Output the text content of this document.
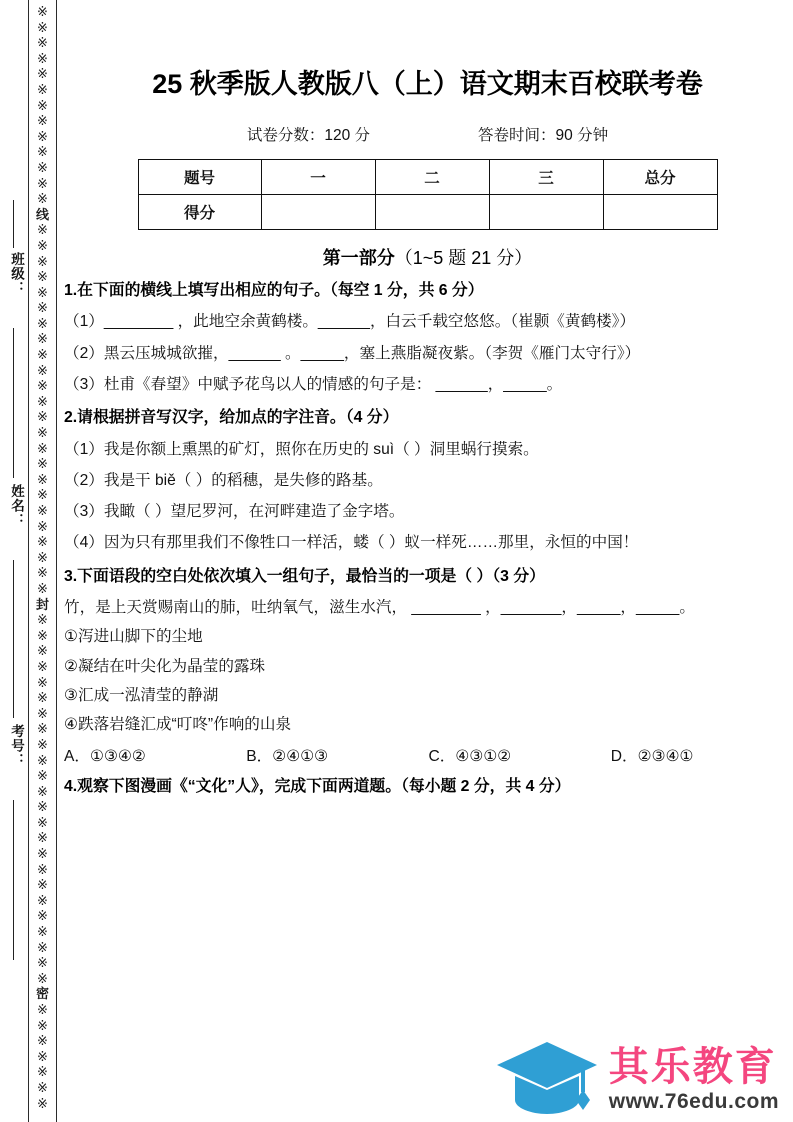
※
※
※
※
※
※
※
※
※
※
※
※
※
线
※
※
※
※
※
※
※
※
※
※
※
※
※
※
※
※
※
※
※
※
※
※
※
※
封
※
※
※
※
※
※
※
※
※
※
※
※
※
※
※
※
※
※
※
※
※
※
※
※
密
※
※
※
※
※
※
※
班级：
姓名：
考号：
25 秋季版人教版八（上）语文期末百校联考卷
试卷分数：120 分	答卷时间：90 分钟
题号	一	二	三	总分
得分				
第一部分（1~5 题 21 分）

1.在下面的横线上填写出相应的句子。（每空 1 分，共 6 分）

（1）________ ，此地空余黄鹤楼。______，白云千载空悠悠。（崔颢《黄鹤楼》）

（2）黑云压城城欲摧，______ 。_____，塞上燕脂凝夜紫。（李贺《雁门太守行》）

（3）杜甫《春望》中赋予花鸟以人的情感的句子是： ______，_____。

2.请根据拼音写汉字，给加点的字注音。（4 分）

（1）我是你额上熏黑的矿灯，照你在历史的 suì（ ）洞里蜗行摸索。

（2）我是干 biě（ ）的稻穗，是失修的路基。

（3）我瞰（ ）望尼罗河，在河畔建造了金字塔。

（4）因为只有那里我们不像牲口一样活，蝼（ ）蚁一样死……那里，永恒的中国！

3.下面语段的空白处依次填入一组句子，最恰当的一项是（ ）（3 分）

竹，是上天赏赐南山的肺，吐纳氧气，滋生水汽， ________ ，_______，_____，_____。

①泻进山脚下的尘地

②凝结在叶尖化为晶莹的露珠

③汇成一泓清莹的静湖

④跌落岩缝汇成“叮咚”作响的山泉

A．①③④②	B．②④①③	C．④③①②	D．②③④①

4.观察下图漫画《“文化”人》，完成下面两道题。（每小题 2 分，共 4 分）

其乐教育
www.76edu.com
